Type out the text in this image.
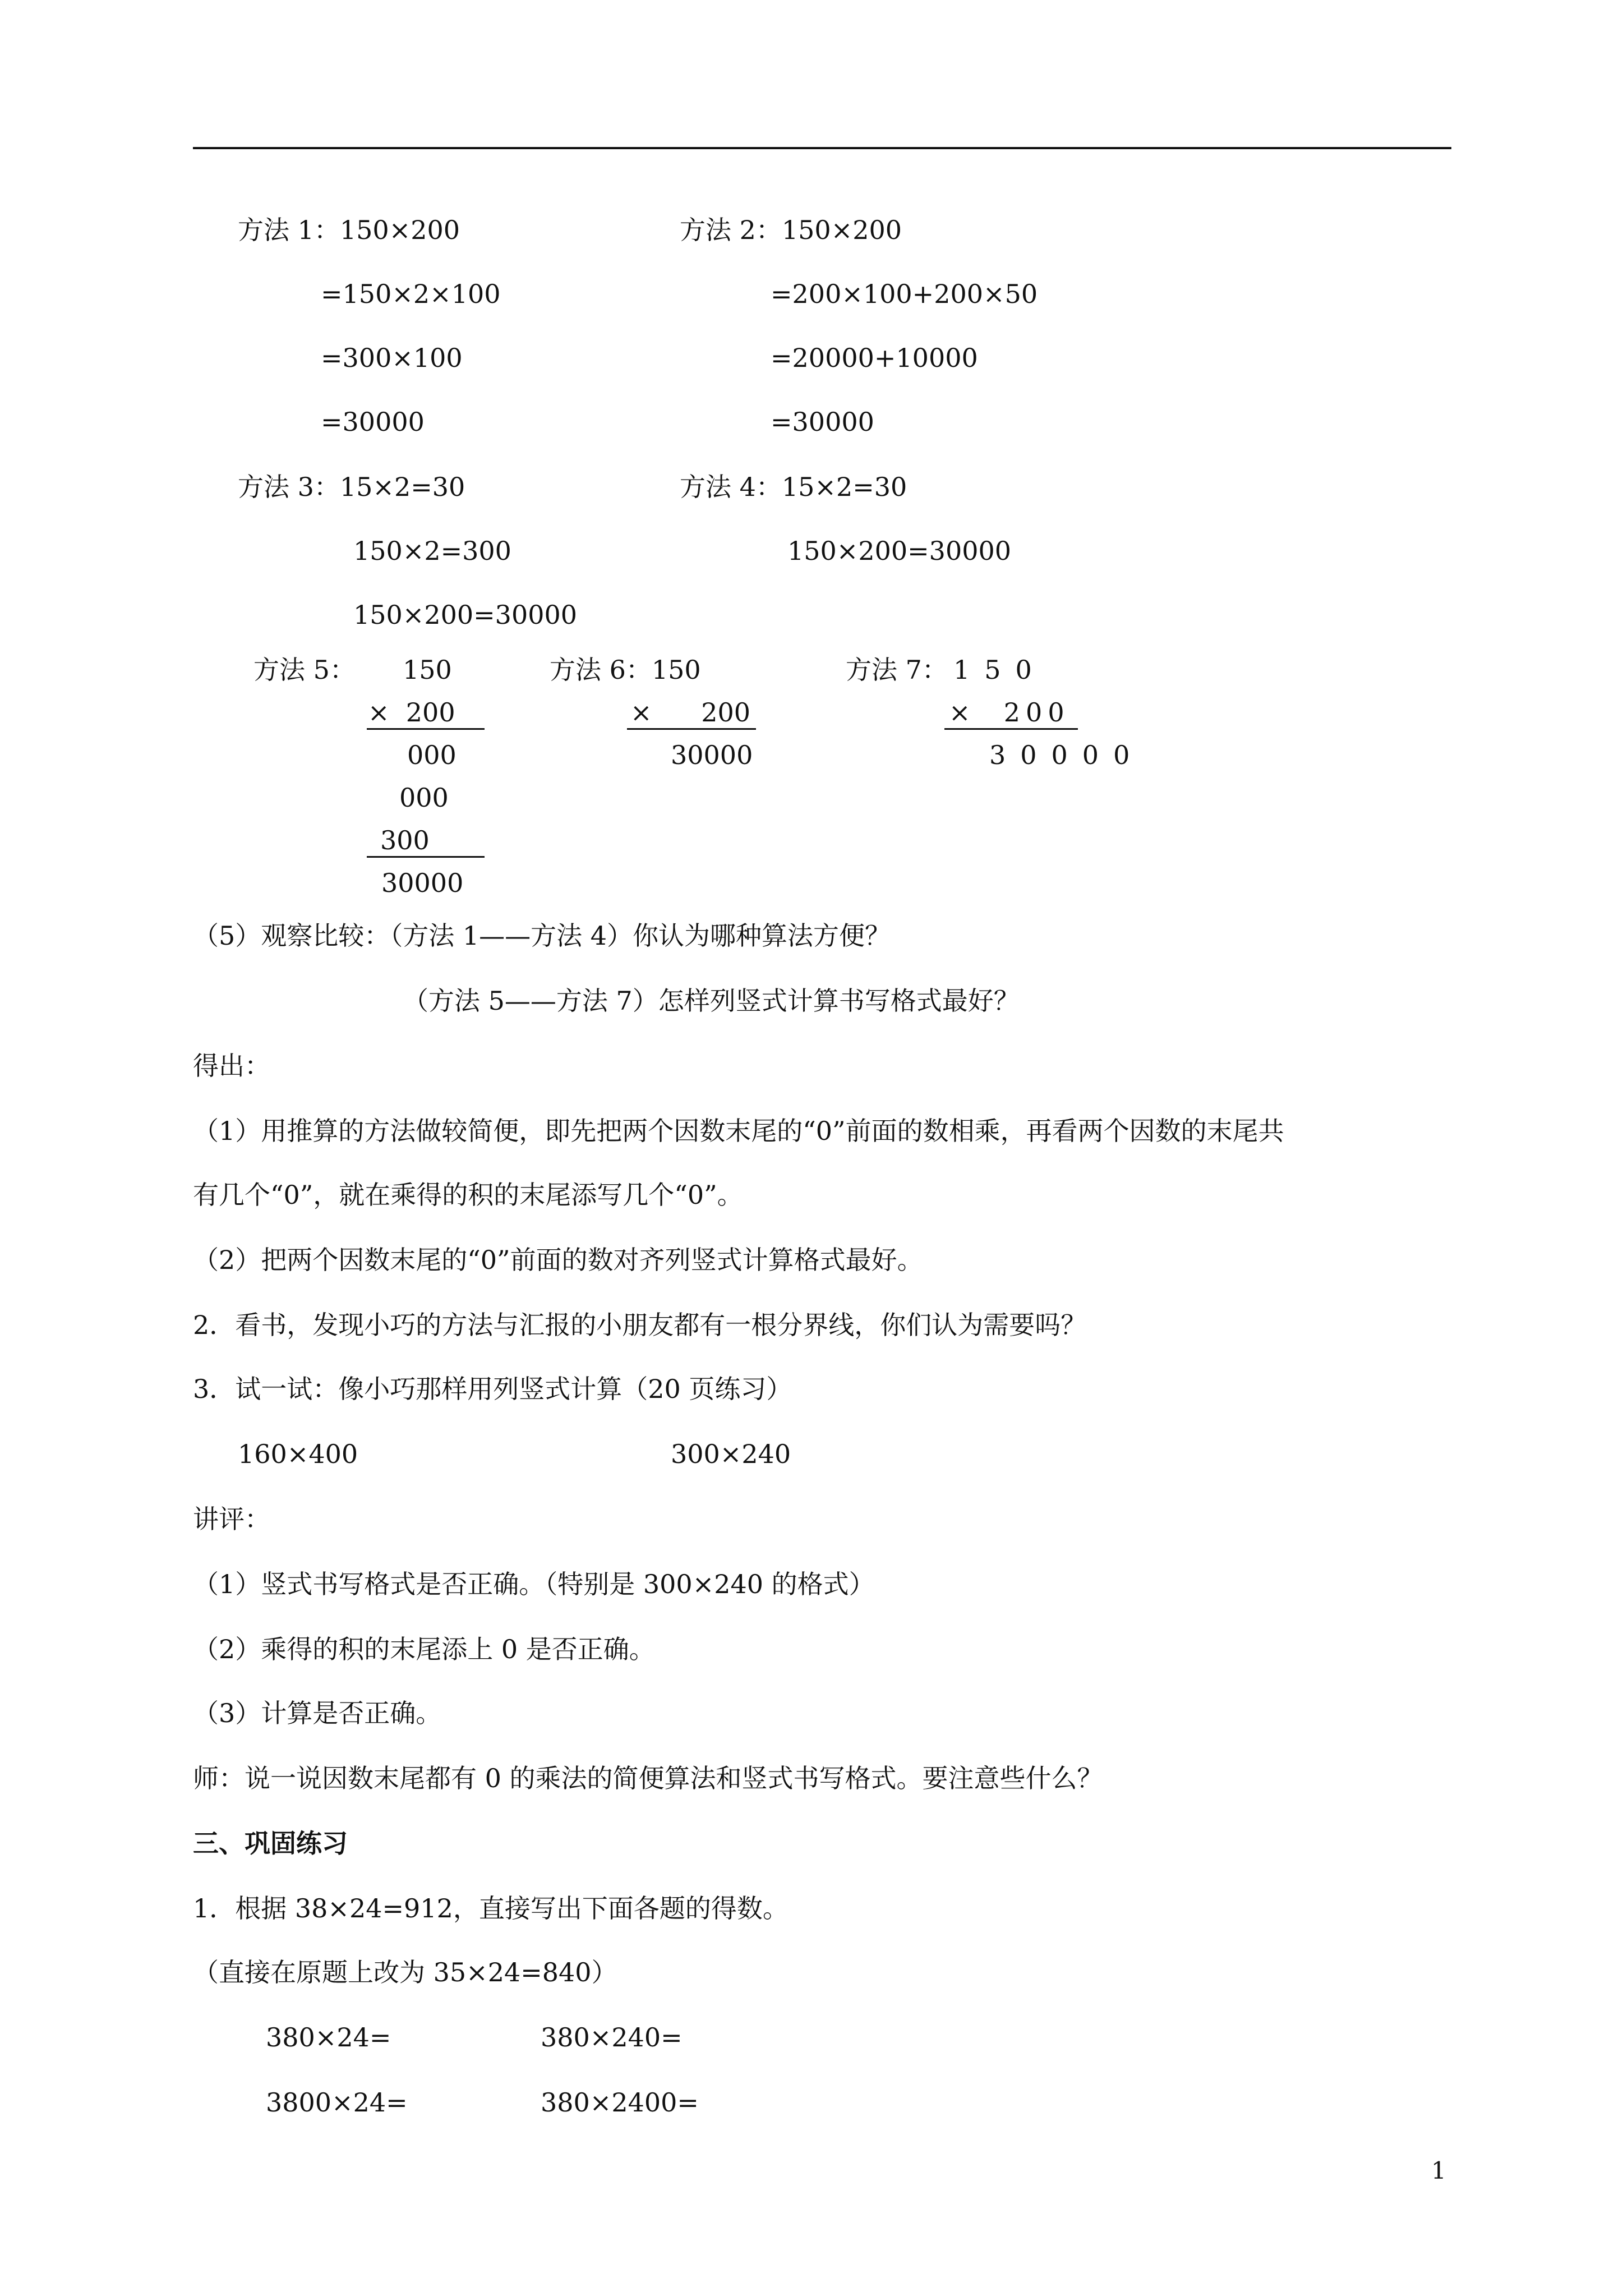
方法 1：150×200
=150×2×100
=300×100
=30000
方法 2：150×200
=200×100+200×50
=20000+10000
=30000
方法 3：15×2=30
150×2=300
150×200=30000
方法 4：15×2=30
150×200=30000
方法 5： 150
×  200
000
000
300
30000
方法 6：150
×      200
30000
方法 7： 150
×  200
30000
（5）观察比较：（方法 1——方法 4）你认为哪种算法方便？
（方法 5——方法 7）怎样列竖式计算书写格式最好？
得出：
（1）用推算的方法做较简便，即先把两个因数末尾的“0”前面的数相乘，再看两个因数的末尾共
有几个“0”，就在乘得的积的末尾添写几个“0”。
（2）把两个因数末尾的“0”前面的数对齐列竖式计算格式最好。
2．看书，发现小巧的方法与汇报的小朋友都有一根分界线，你们认为需要吗？
3．试一试：像小巧那样用列竖式计算（20 页练习）
160×400	300×240
讲评：
（1）竖式书写格式是否正确。（特别是 300×240 的格式）
（2）乘得的积的末尾添上 0 是否正确。
（3）计算是否正确。
师：说一说因数末尾都有 0 的乘法的简便算法和竖式书写格式。要注意些什么？
三、巩固练习
1．根据 38×24=912，直接写出下面各题的得数。
（直接在原题上改为 35×24=840）
380×24=	380×240=
3800×24=	380×2400=
1
